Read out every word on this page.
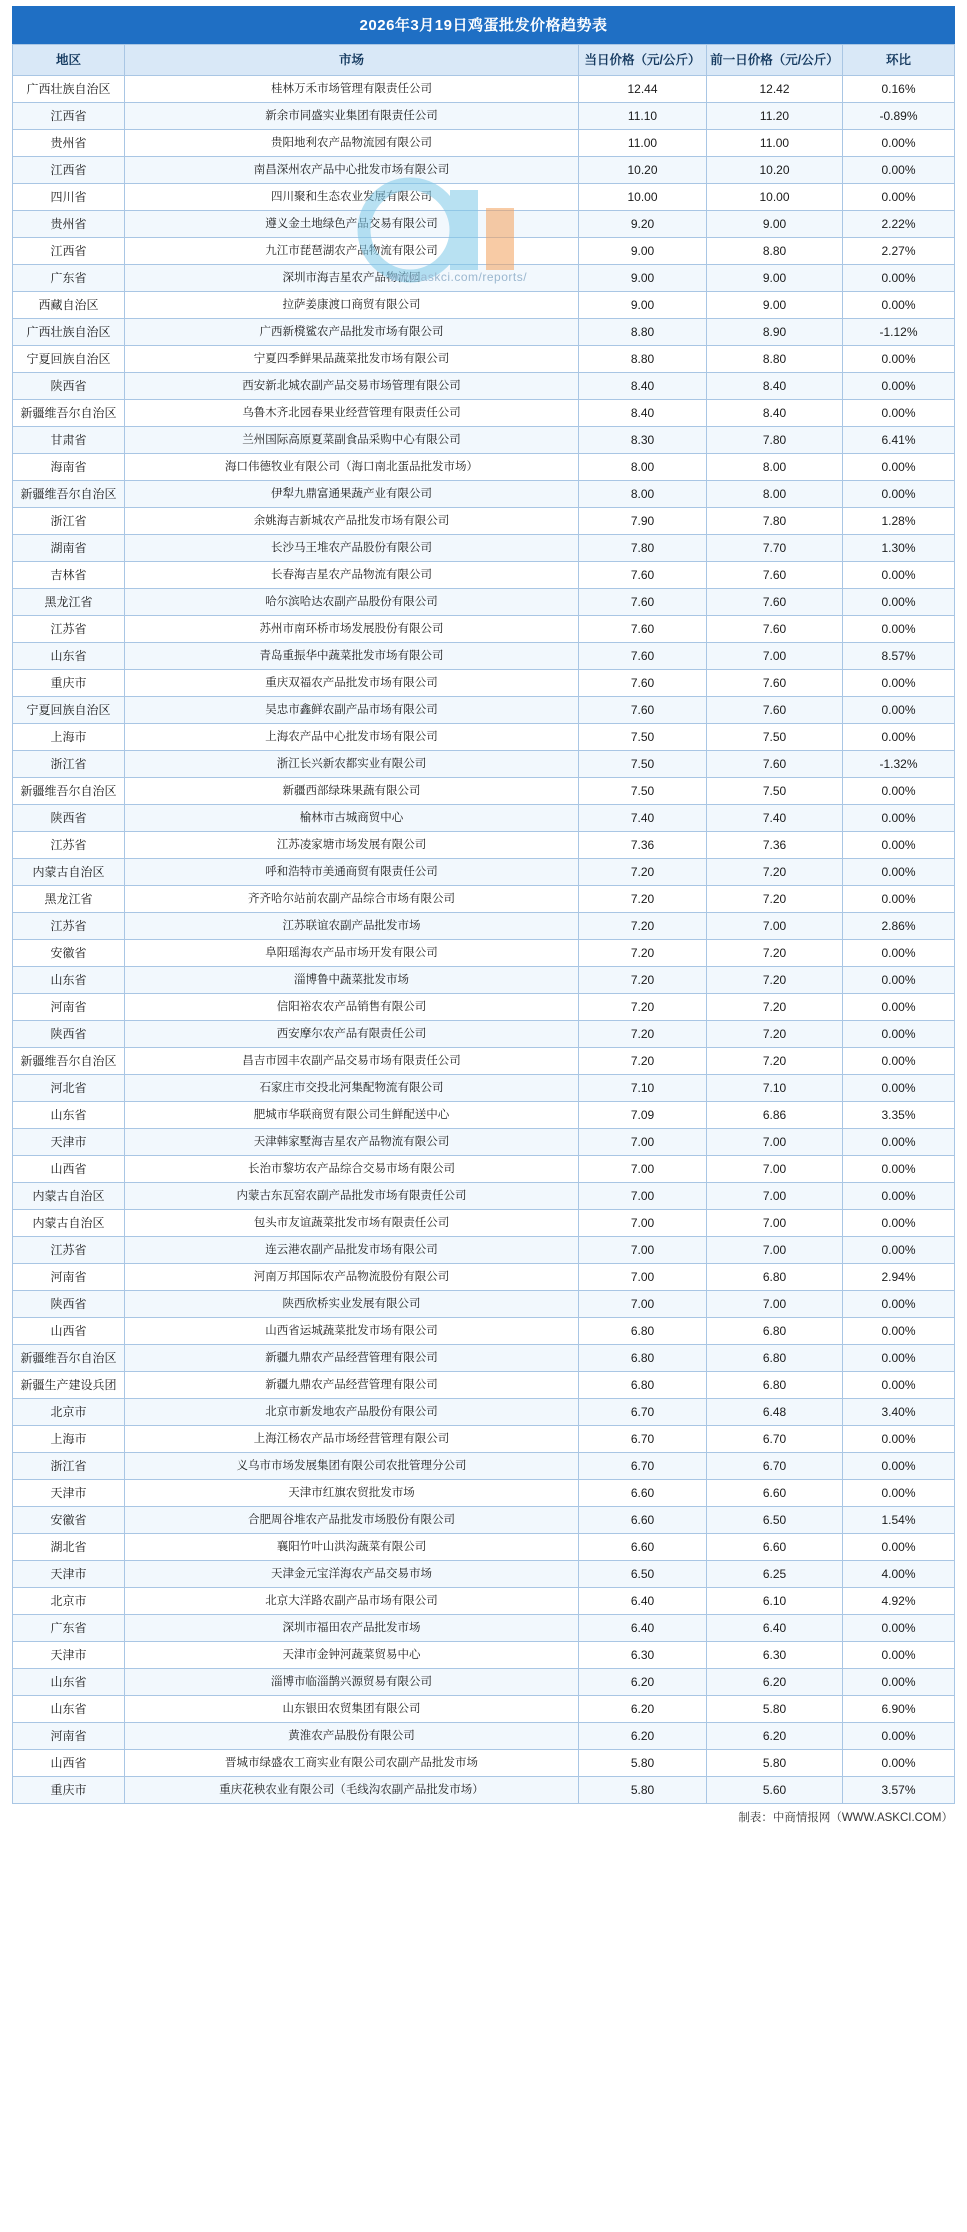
2026年3月19日鸡蛋批发价格趋势表
www.askci.com/reports/
地区	市场	当日价格（元/公斤）	前一日价格（元/公斤）	环比
广西壮族自治区	桂林万禾市场管理有限责任公司	12.44	12.42	0.16%
江西省	新余市同盛实业集团有限责任公司	11.10	11.20	-0.89%
贵州省	贵阳地利农产品物流园有限公司	11.00	11.00	0.00%
江西省	南昌深州农产品中心批发市场有限公司	10.20	10.20	0.00%
四川省	四川聚和生态农业发展有限公司	10.00	10.00	0.00%
贵州省	遵义金土地绿色产品交易有限公司	9.20	9.00	2.22%
江西省	九江市琵琶湖农产品物流有限公司	9.00	8.80	2.27%
广东省	深圳市海吉星农产品物流园	9.00	9.00	0.00%
西藏自治区	拉萨姜康渡口商贸有限公司	9.00	9.00	0.00%
广西壮族自治区	广西新櫈鲨农产品批发市场有限公司	8.80	8.90	-1.12%
宁夏回族自治区	宁夏四季鲜果品蔬菜批发市场有限公司	8.80	8.80	0.00%
陕西省	西安新北城农副产品交易市场管理有限公司	8.40	8.40	0.00%
新疆维吾尔自治区	乌鲁木齐北园春果业经营管理有限责任公司	8.40	8.40	0.00%
甘肃省	兰州国际高原夏菜副食品采购中心有限公司	8.30	7.80	6.41%
海南省	海口伟德牧业有限公司（海口南北蛋品批发市场）	8.00	8.00	0.00%
新疆维吾尔自治区	伊犁九鼎富通果蔬产业有限公司	8.00	8.00	0.00%
浙江省	余姚海吉新城农产品批发市场有限公司	7.90	7.80	1.28%
湖南省	长沙马王堆农产品股份有限公司	7.80	7.70	1.30%
吉林省	长春海吉星农产品物流有限公司	7.60	7.60	0.00%
黑龙江省	哈尔滨哈达农副产品股份有限公司	7.60	7.60	0.00%
江苏省	苏州市南环桥市场发展股份有限公司	7.60	7.60	0.00%
山东省	青岛重振华中蔬菜批发市场有限公司	7.60	7.00	8.57%
重庆市	重庆双福农产品批发市场有限公司	7.60	7.60	0.00%
宁夏回族自治区	吴忠市鑫鲜农副产品市场有限公司	7.60	7.60	0.00%
上海市	上海农产品中心批发市场有限公司	7.50	7.50	0.00%
浙江省	浙江长兴新农都实业有限公司	7.50	7.60	-1.32%
新疆维吾尔自治区	新疆西部绿珠果蔬有限公司	7.50	7.50	0.00%
陕西省	榆林市古城商贸中心	7.40	7.40	0.00%
江苏省	江苏凌家塘市场发展有限公司	7.36	7.36	0.00%
内蒙古自治区	呼和浩特市美通商贸有限责任公司	7.20	7.20	0.00%
黑龙江省	齐齐哈尔站前农副产品综合市场有限公司	7.20	7.20	0.00%
江苏省	江苏联谊农副产品批发市场	7.20	7.00	2.86%
安徽省	阜阳瑶海农产品市场开发有限公司	7.20	7.20	0.00%
山东省	淄博鲁中蔬菜批发市场	7.20	7.20	0.00%
河南省	信阳裕农农产品销售有限公司	7.20	7.20	0.00%
陕西省	西安摩尔农产品有限责任公司	7.20	7.20	0.00%
新疆维吾尔自治区	昌吉市园丰农副产品交易市场有限责任公司	7.20	7.20	0.00%
河北省	石家庄市交投北河集配物流有限公司	7.10	7.10	0.00%
山东省	肥城市华联商贸有限公司生鲜配送中心	7.09	6.86	3.35%
天津市	天津韩家墅海吉星农产品物流有限公司	7.00	7.00	0.00%
山西省	长治市黎坊农产品综合交易市场有限公司	7.00	7.00	0.00%
内蒙古自治区	内蒙古东瓦窑农副产品批发市场有限责任公司	7.00	7.00	0.00%
内蒙古自治区	包头市友谊蔬菜批发市场有限责任公司	7.00	7.00	0.00%
江苏省	连云港农副产品批发市场有限公司	7.00	7.00	0.00%
河南省	河南万邦国际农产品物流股份有限公司	7.00	6.80	2.94%
陕西省	陕西欣桥实业发展有限公司	7.00	7.00	0.00%
山西省	山西省运城蔬菜批发市场有限公司	6.80	6.80	0.00%
新疆维吾尔自治区	新疆九鼎农产品经营管理有限公司	6.80	6.80	0.00%
新疆生产建设兵团	新疆九鼎农产品经营管理有限公司	6.80	6.80	0.00%
北京市	北京市新发地农产品股份有限公司	6.70	6.48	3.40%
上海市	上海江杨农产品市场经营管理有限公司	6.70	6.70	0.00%
浙江省	义乌市市场发展集团有限公司农批管理分公司	6.70	6.70	0.00%
天津市	天津市红旗农贸批发市场	6.60	6.60	0.00%
安徽省	合肥周谷堆农产品批发市场股份有限公司	6.60	6.50	1.54%
湖北省	襄阳竹叶山洪沟蔬菜有限公司	6.60	6.60	0.00%
天津市	天津金元宝洋海农产品交易市场	6.50	6.25	4.00%
北京市	北京大洋路农副产品市场有限公司	6.40	6.10	4.92%
广东省	深圳市福田农产品批发市场	6.40	6.40	0.00%
天津市	天津市金钟河蔬菜贸易中心	6.30	6.30	0.00%
山东省	淄博市临淄鹊兴源贸易有限公司	6.20	6.20	0.00%
山东省	山东银田农贸集团有限公司	6.20	5.80	6.90%
河南省	黄淮农产品股份有限公司	6.20	6.20	0.00%
山西省	晋城市绿盛农工商实业有限公司农副产品批发市场	5.80	5.80	0.00%
重庆市	重庆花秧农业有限公司（毛线沟农副产品批发市场）	5.80	5.60	3.57%
制表：中商情报网（WWW.ASKCI.COM）
